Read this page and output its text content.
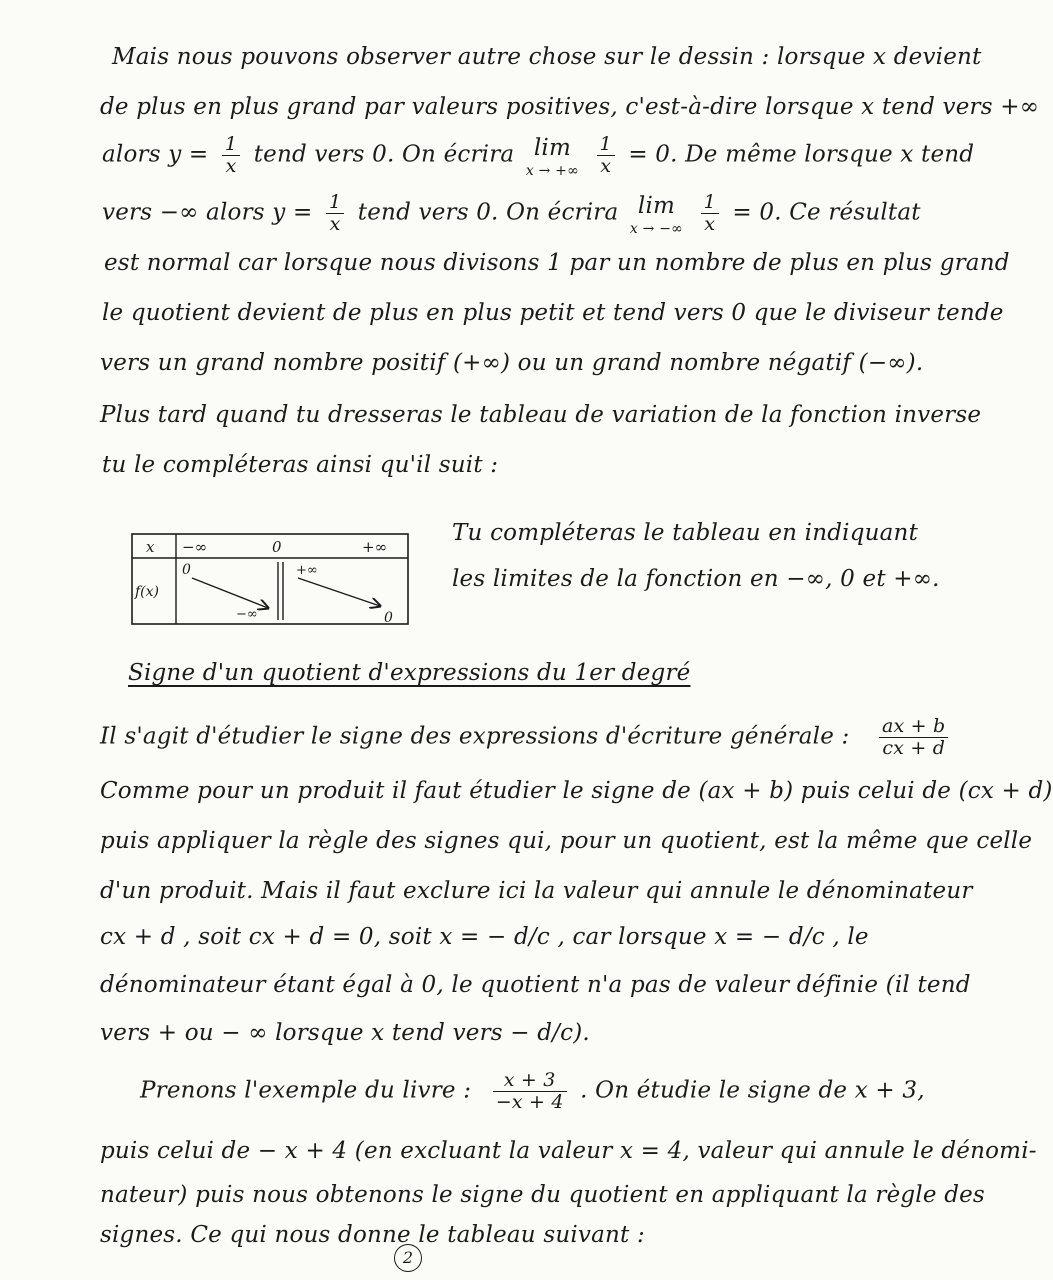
Mais nous pouvons observer autre chose sur le dessin : lorsque x devient
de plus en plus grand par valeurs positives, c'est-à-dire lorsque x tend vers +∞
alors $y = \frac{1}{x}$ tend vers 0. On écrira lim
x → +∞
$\frac{1}{x} = 0$. De même lorsque x tend
vers −∞ alors $y = \frac{1}{x}$ tend vers 0. On écrira lim
x → −∞
$\frac{1}{x} = 0$. Ce résultat
est normal car lorsque nous divisons 1 par un nombre de plus en plus grand
le quotient devient de plus en plus petit et tend vers 0 que le diviseur tende
vers un grand nombre positif (+∞) ou un grand nombre négatif (−∞).
Plus tard quand tu dresseras le tableau de variation de la fonction inverse
tu le compléteras ainsi qu'il suit :
x −∞	0	+∞
f(x)
0
−∞
+∞
0
Tu compléteras le tableau en indiquant
les limites de la fonction en −∞, 0 et +∞.
Signe d'un quotient d'expressions du 1er degré
Il s'agit d'étudier le signe des expressions d'écriture générale : $\frac{ax + b}{cx + d}$
Comme pour un produit il faut étudier le signe de (ax + b) puis celui de (cx + d)
puis appliquer la règle des signes qui, pour un quotient, est la même que celle
d'un produit. Mais il faut exclure ici la valeur qui annule le dénominateur
cx + d , soit cx + d = 0, soit x = − d/c , car lorsque x = − d/c , le
dénominateur étant égal à 0, le quotient n'a pas de valeur définie (il tend
vers + ou − ∞ lorsque x tend vers − d/c).
Prenons l'exemple du livre : $\frac{x + 3}{-x + 4}$ . On étudie le signe de x + 3,
puis celui de − x + 4 (en excluant la valeur x = 4, valeur qui annule le dénomi-
nateur) puis nous obtenons le signe du quotient en appliquant la règle des
signes. Ce qui nous donne le tableau suivant :
2
